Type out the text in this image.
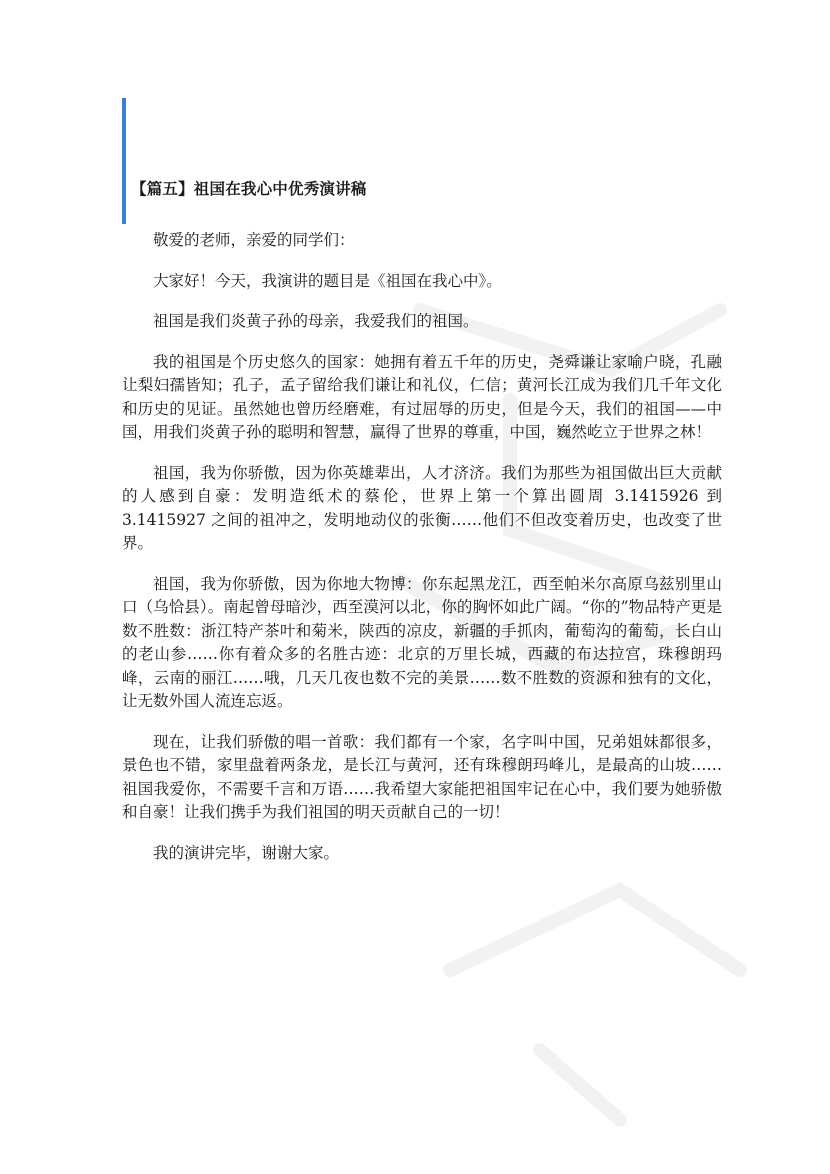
【篇五】祖国在我心中优秀演讲稿

敬爱的老师，亲爱的同学们：

大家好！今天，我演讲的题目是《祖国在我心中》。

祖国是我们炎黄子孙的母亲，我爱我们的祖国。

我的祖国是个历史悠久的国家：她拥有着五千年的历史，尧舜谦让家喻户晓，孔融让梨妇孺皆知；孔子，孟子留给我们谦让和礼仪，仁信；黄河长江成为我们几千年文化和历史的见证。虽然她也曾历经磨难，有过屈辱的历史，但是今天，我们的祖国——中国，用我们炎黄子孙的聪明和智慧，赢得了世界的尊重，中国，巍然屹立于世界之林！

祖国，我为你骄傲，因为你英雄辈出，人才济济。我们为那些为祖国做出巨大贡献的人感到自豪：发明造纸术的蔡伦，世界上第一个算出圆周 3.1415926 到 3.1415927 之间的祖冲之，发明地动仪的张衡……他们不但改变着历史，也改变了世界。

祖国，我为你骄傲，因为你地大物博：你东起黑龙江，西至帕米尔高原乌兹别里山口（乌恰县）。南起曾母暗沙，西至漠河以北，你的胸怀如此广阔。“你的”物品特产更是数不胜数：浙江特产茶叶和菊米，陕西的凉皮，新疆的手抓肉，葡萄沟的葡萄，长白山的老山参……你有着众多的名胜古迹：北京的万里长城，西藏的布达拉宫，珠穆朗玛峰，云南的丽江……哦，几天几夜也数不完的美景……数不胜数的资源和独有的文化，让无数外国人流连忘返。

现在，让我们骄傲的唱一首歌：我们都有一个家，名字叫中国，兄弟姐妹都很多，景色也不错，家里盘着两条龙，是长江与黄河，还有珠穆朗玛峰儿，是最高的山坡……祖国我爱你，不需要千言和万语……我希望大家能把祖国牢记在心中，我们要为她骄傲和自豪！让我们携手为我们祖国的明天贡献自己的一切！

我的演讲完毕，谢谢大家。
